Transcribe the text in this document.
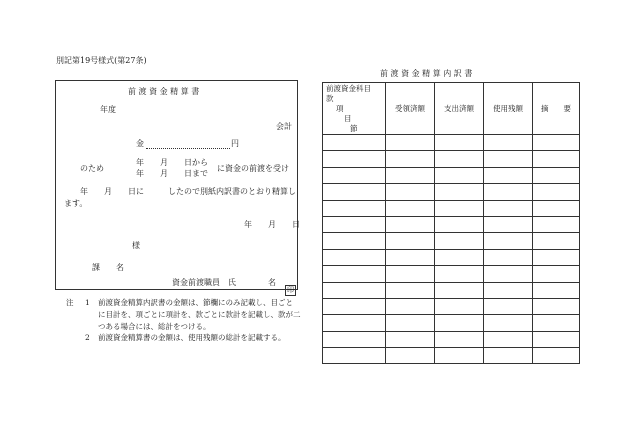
別記第19号様式(第27条)
前 渡 資 金 精 算 内 訳 書
前 渡 資 金 精 算 書
年度
会計
金	円
のため
年　　月　　日から
年　　月　　日まで
に資金の前渡を受け
年　　月　　日に　　　したので別紙内訳書のとおり精算し
ます。
年　　月　　日
様
課　　名
資金前渡職員　氏　　　　名
印
前渡資金科目
款
項
目
節	受領済額	支出済額	使用残額	摘　　要

注 1 前渡資金精算内訳書の金額は、節欄にのみ記載し、目ごと
に目計を、項ごとに項計を、款ごとに款計を記載し、款が二
つある場合には、総計をつける。
2 前渡資金精算書の金額は、使用残額の総計を記載する。
